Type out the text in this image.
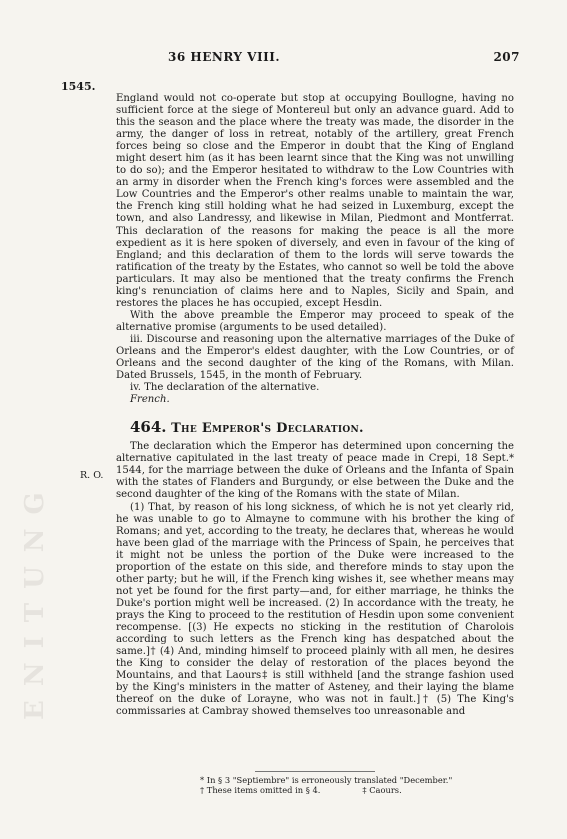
ENITUNG
36 HENRY VIII.	207
1545.
R. O.

England would not co-operate but stop at occupying Boullogne, having no sufficient force at the siege of Montereul but only an advance guard. Add to this the season and the place where the treaty was made, the disorder in the army, the danger of loss in retreat, notably of the artillery, great French forces being so close and the Emperor in doubt that the King of England might desert him (as it has been learnt since that the King was not unwilling to do so); and the Emperor hesitated to withdraw to the Low Countries with an army in disorder when the French king's forces were assembled and the Low Countries and the Emperor's other realms unable to maintain the war, the French king still holding what he had seized in Luxemburg, except the town, and also Landressy, and likewise in Milan, Piedmont and Montferrat. This declaration of the reasons for making the peace is all the more expedient as it is here spoken of diversely, and even in favour of the king of England; and this declaration of them to the lords will serve towards the ratification of the treaty by the Estates, who cannot so well be told the above particulars. It may also be mentioned that the treaty confirms the French king's renunciation of claims here and to Naples, Sicily and Spain, and restores the places he has occupied, except Hesdin.

With the above preamble the Emperor may proceed to speak of the alternative promise (arguments to be used detailed).

iii. Discourse and reasoning upon the alternative marriages of the Duke of Orleans and the Emperor's eldest daughter, with the Low Countries, or of Orleans and the second daughter of the king of the Romans, with Milan. Dated Brussels, 1545, in the month of February.

iv. The declaration of the alternative.

French.

464. The Emperor's Declaration.

The declaration which the Emperor has determined upon concerning the alternative capitulated in the last treaty of peace made in Crepi, 18 Sept.* 1544, for the marriage between the duke of Orleans and the Infanta of Spain with the states of Flanders and Burgundy, or else between the Duke and the second daughter of the king of the Romans with the state of Milan.

(1) That, by reason of his long sickness, of which he is not yet clearly rid, he was unable to go to Almayne to commune with his brother the king of Romans; and yet, according to the treaty, he declares that, whereas he would have been glad of the marriage with the Princess of Spain, he perceives that it might not be unless the portion of the Duke were increased to the proportion of the estate on this side, and therefore minds to stay upon the other party; but he will, if the French king wishes it, see whether means may not yet be found for the first party—and, for either marriage, he thinks the Duke's portion might well be increased. (2) In accordance with the treaty, he prays the King to proceed to the restitution of Hesdin upon some convenient recompense. [(3) He expects no sticking in the restitution of Charolois according to such letters as the French king has despatched about the same.]† (4) And, minding himself to proceed plainly with all men, he desires the King to consider the delay of restoration of the places beyond the Mountains, and that Laours‡ is still withheld [and the strange fashion used by the King's ministers in the matter of Asteney, and their laying the blame thereof on the duke of Lorayne, who was not in fault.]† (5) The King's commissaries at Cambray showed themselves too unreasonable and

* In § 3 "Septiembre" is erroneously translated "December."
† These items omitted in § 4.	‡ Caours.
